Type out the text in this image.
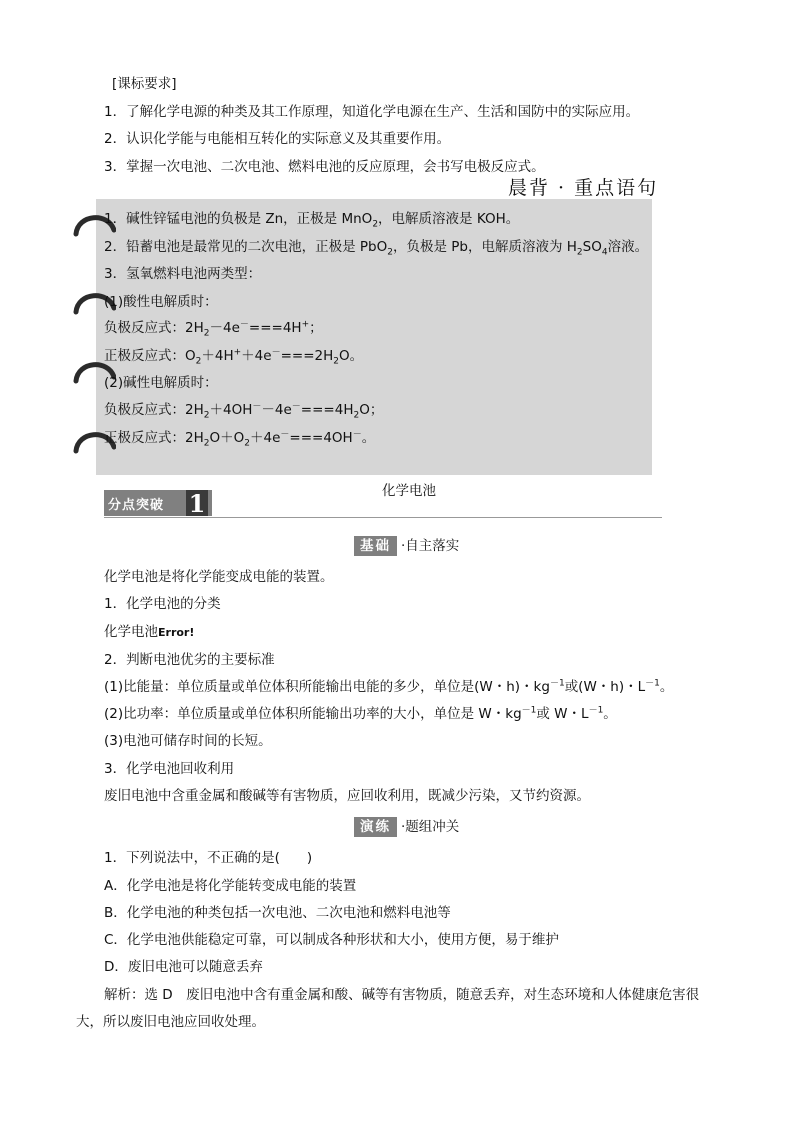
[课标要求]
1．了解化学电源的种类及其工作原理，知道化学电源在生产、生活和国防中的实际应用。
2．认识化学能与电能相互转化的实际意义及其重要作用。
3．掌握一次电池、二次电池、燃料电池的反应原理，会书写电极反应式。
晨背 · 重点语句
1．碱性锌锰电池的负极是 Zn，正极是 MnO$_2$，电解质溶液是 KOH。
2．铅蓄电池是最常见的二次电池，正极是 PbO$_2$，负极是 Pb，电解质溶液为 $H_2SO_4$溶液。
3．氢氧燃料电池两类型：
(1)酸性电解质时：
负极反应式：$2H_2-4e^-===4H^+$；
正极反应式：$O_2+4H^++4e^-===2H_2O$。
(2)碱性电解质时：
负极反应式：$2H_2+4OH^--4e^-===4H_2O$；
正极反应式：$2H_2O+O_2+4e^-===4OH^-$。
化学电池
分点突破	1
基础 ·自主落实
化学电池是将化学能变成电能的装置。
1．化学电池的分类
化学电池Error!
2．判断电池优劣的主要标准
(1)比能量：单位质量或单位体积所能输出电能的多少，单位是(W・h)・$kg^{-1}$或(W・h)・$L^{-1}$。
(2)比功率：单位质量或单位体积所能输出功率的大小，单位是 W・$kg^{-1}$或 W・$L^{-1}$。
(3)电池可储存时间的长短。
3．化学电池回收利用
废旧电池中含重金属和酸碱等有害物质，应回收利用，既减少污染，又节约资源。
演练 ·题组冲关
1．下列说法中，不正确的是(　　)
A．化学电池是将化学能转变成电能的装置
B．化学电池的种类包括一次电池、二次电池和燃料电池等
C．化学电池供能稳定可靠，可以制成各种形状和大小，使用方便，易于维护
D．废旧电池可以随意丢弃
解析：选 D　废旧电池中含有重金属和酸、碱等有害物质，随意丢弃，对生态环境和人体健康危害很
大，所以废旧电池应回收处理。
